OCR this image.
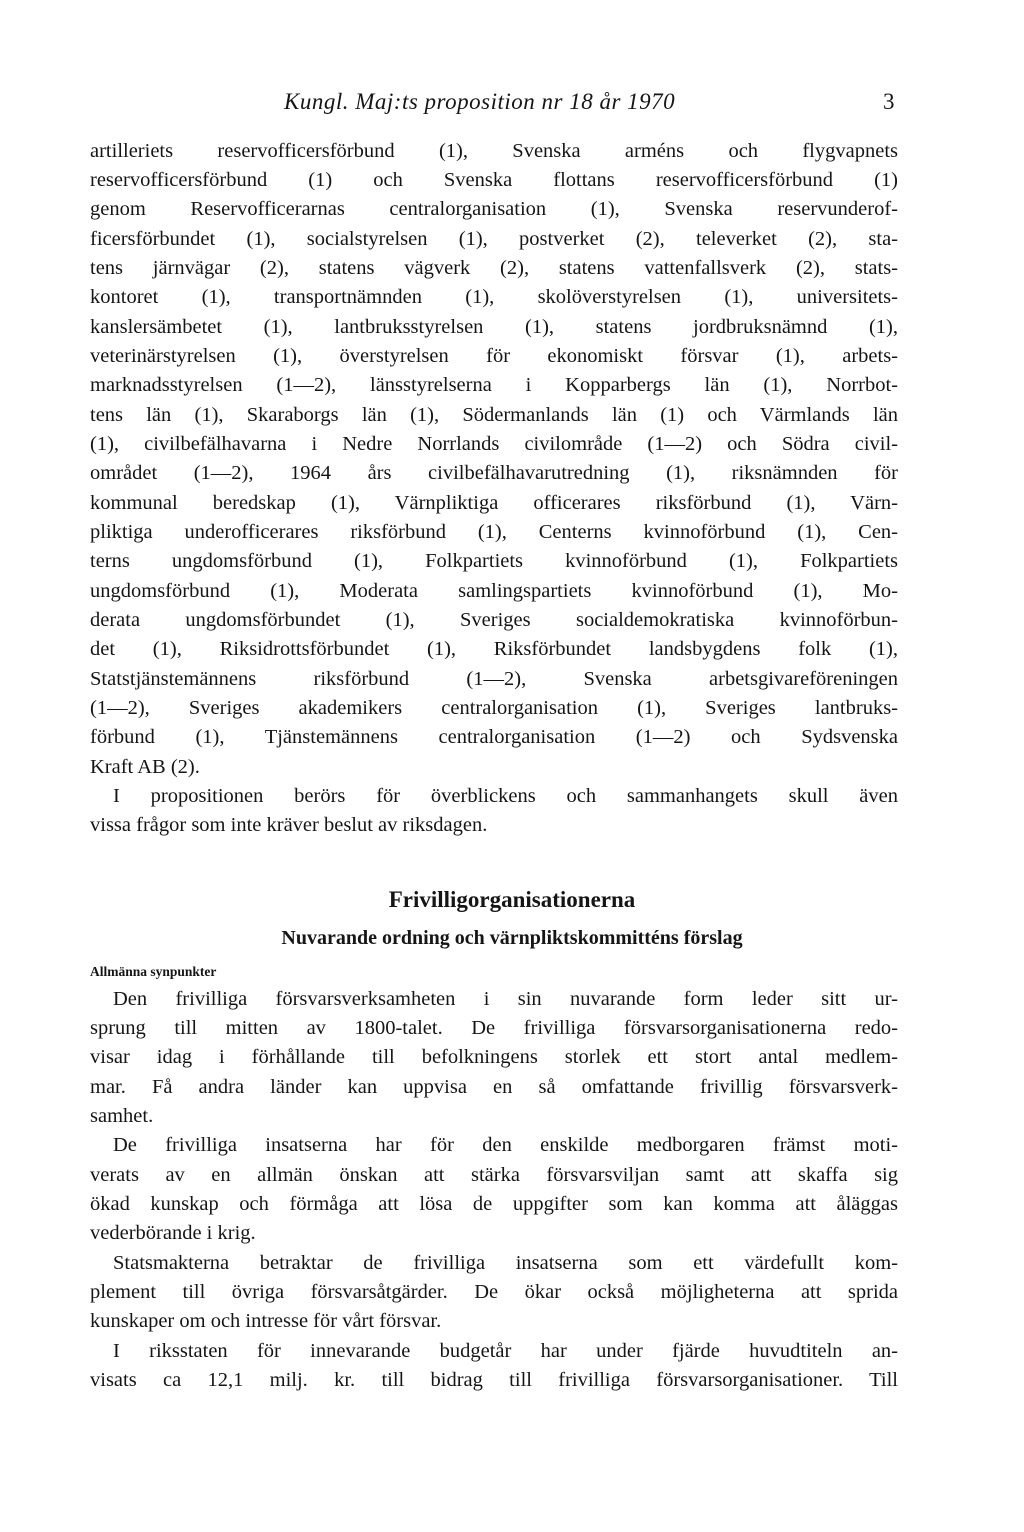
Kungl. Maj:ts proposition nr 18 år 1970	3
artilleriets reservofficersförbund (1), Svenska arméns och flygvapnets
reservofficersförbund (1) och Svenska flottans reservofficersförbund (1)
genom Reservofficerarnas centralorganisation (1), Svenska reservunderof-
ficersförbundet (1), socialstyrelsen (1), postverket (2), televerket (2), sta-
tens järnvägar (2), statens vägverk (2), statens vattenfallsverk (2), stats-
kontoret (1), transportnämnden (1), skolöverstyrelsen (1), universitets-
kanslersämbetet (1), lantbruksstyrelsen (1), statens jordbruksnämnd (1),
veterinärstyrelsen (1), överstyrelsen för ekonomiskt försvar (1), arbets-
marknadsstyrelsen (1—2), länsstyrelserna i Kopparbergs län (1), Norrbot-
tens län (1), Skaraborgs län (1), Södermanlands län (1) och Värmlands län
(1), civilbefälhavarna i Nedre Norrlands civilområde (1—2) och Södra civil-
området (1—2), 1964 års civilbefälhavarutredning (1), riksnämnden för
kommunal beredskap (1), Värnpliktiga officerares riksförbund (1), Värn-
pliktiga underofficerares riksförbund (1), Centerns kvinnoförbund (1), Cen-
terns ungdomsförbund (1), Folkpartiets kvinnoförbund (1), Folkpartiets
ungdomsförbund (1), Moderata samlingspartiets kvinnoförbund (1), Mo-
derata ungdomsförbundet (1), Sveriges socialdemokratiska kvinnoförbun-
det (1), Riksidrottsförbundet (1), Riksförbundet landsbygdens folk (1),
Statstjänstemännens riksförbund (1—2), Svenska arbetsgivareföreningen
(1—2), Sveriges akademikers centralorganisation (1), Sveriges lantbruks-
förbund (1), Tjänstemännens centralorganisation (1—2) och Sydsvenska
Kraft AB (2).
I propositionen berörs för överblickens och sammanhangets skull även
vissa frågor som inte kräver beslut av riksdagen.
Frivilligorganisationerna
Nuvarande ordning och värnpliktskommitténs förslag
Allmänna synpunkter
Den frivilliga försvarsverksamheten i sin nuvarande form leder sitt ur-
sprung till mitten av 1800-talet. De frivilliga försvarsorganisationerna redo-
visar idag i förhållande till befolkningens storlek ett stort antal medlem-
mar. Få andra länder kan uppvisa en så omfattande frivillig försvarsverk-
samhet.
De frivilliga insatserna har för den enskilde medborgaren främst moti-
verats av en allmän önskan att stärka försvarsviljan samt att skaffa sig
ökad kunskap och förmåga att lösa de uppgifter som kan komma att åläggas
vederbörande i krig.
Statsmakterna betraktar de frivilliga insatserna som ett värdefullt kom-
plement till övriga försvarsåtgärder. De ökar också möjligheterna att sprida
kunskaper om och intresse för vårt försvar.
I riksstaten för innevarande budgetår har under fjärde huvudtiteln an-
visats ca 12,1 milj. kr. till bidrag till frivilliga försvarsorganisationer. Till
